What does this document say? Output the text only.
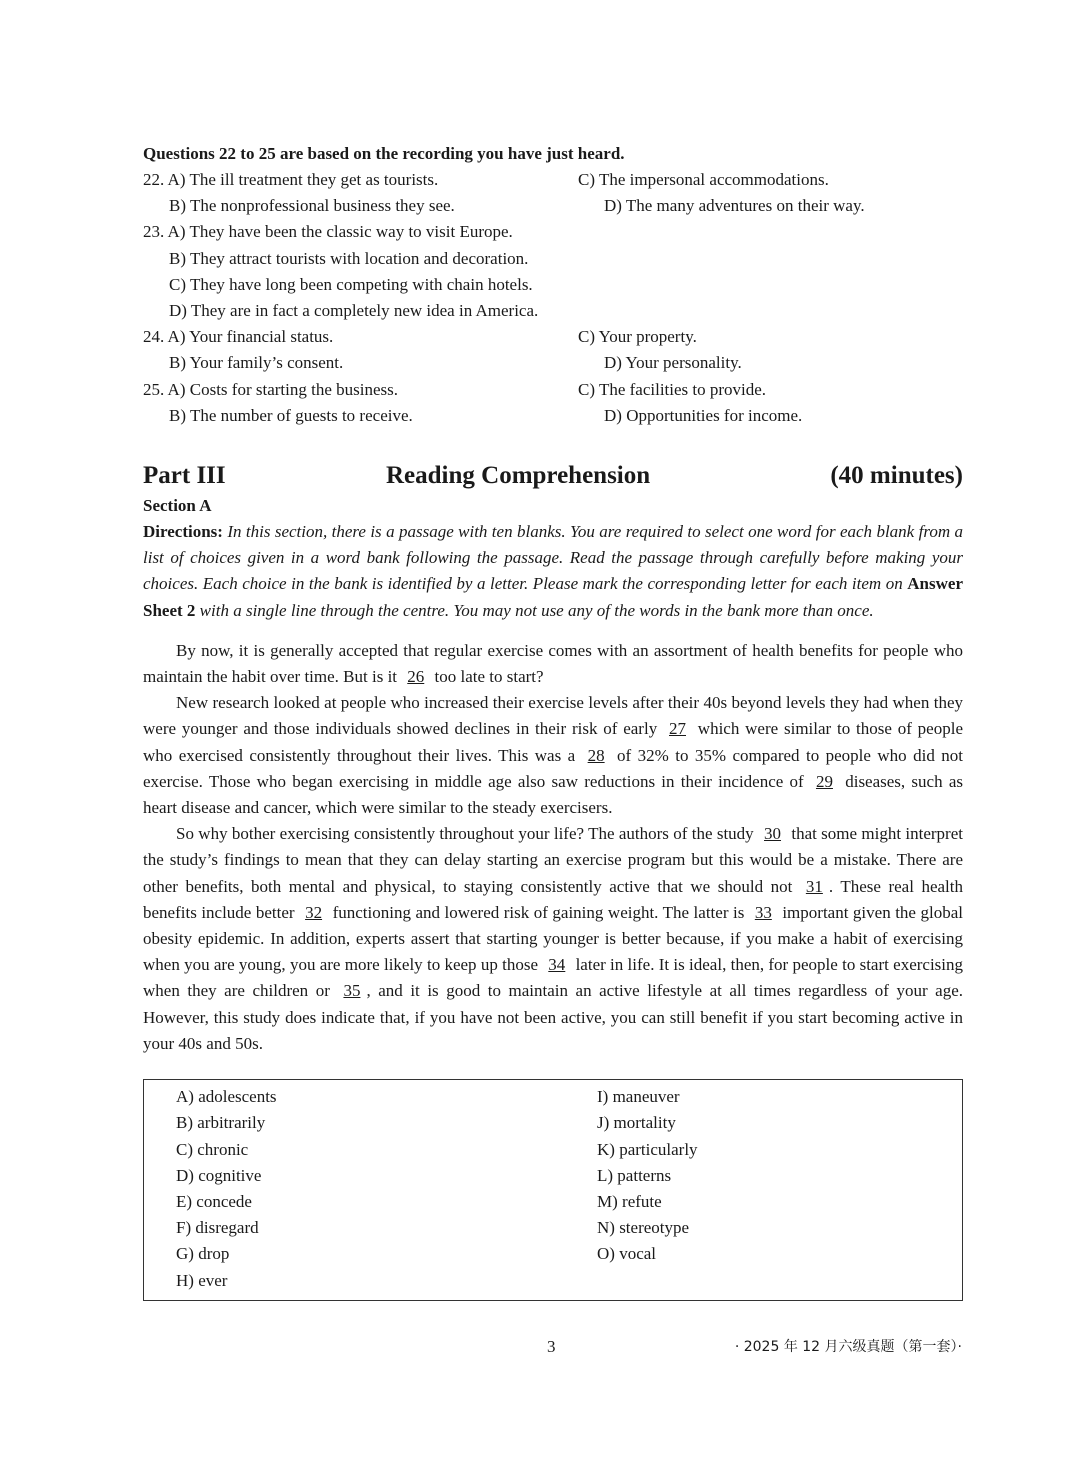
Questions 22 to 25 are based on the recording you have just heard.
22. A) The ill treatment they get as tourists.	C) The impersonal accommodations.
B) The nonprofessional business they see.	D) The many adventures on their way.
23. A) They have been the classic way to visit Europe.
B) They attract tourists with location and decoration.
C) They have long been competing with chain hotels.
D) They are in fact a completely new idea in America.
24. A) Your financial status.	C) Your property.
B) Your family’s consent.	D) Your personality.
25. A) Costs for starting the business.	C) The facilities to provide.
B) The number of guests to receive.	D) Opportunities for income.
Part III	Reading Comprehension	(40 minutes)
Section A

Directions: In this section, there is a passage with ten blanks. You are required to select one word for each blank from a list of choices given in a word bank following the passage. Read the passage through carefully before making your choices. Each choice in the bank is identified by a letter. Please mark the corresponding letter for each item on Answer Sheet 2 with a single line through the centre. You may not use any of the words in the bank more than once.

By now, it is generally accepted that regular exercise comes with an assortment of health benefits for people who maintain the habit over time. But is it 26 too late to start?

New research looked at people who increased their exercise levels after their 40s beyond levels they had when they were younger and those individuals showed declines in their risk of early 27 which were similar to those of people who exercised consistently throughout their lives. This was a 28 of 32% to 35% compared to people who did not exercise. Those who began exercising in middle age also saw reductions in their incidence of 29 diseases, such as heart disease and cancer, which were similar to the steady exercisers.

So why bother exercising consistently throughout your life? The authors of the study 30 that some might interpret the study’s findings to mean that they can delay starting an exercise program but this would be a mistake. There are other benefits, both mental and physical, to staying consistently active that we should not 31 . These real health benefits include better 32 functioning and lowered risk of gaining weight. The latter is 33 important given the global obesity epidemic. In addition, experts assert that starting younger is better because, if you make a habit of exercising when you are young, you are more likely to keep up those 34 later in life. It is ideal, then, for people to start exercising when they are children or 35 , and it is good to maintain an active lifestyle at all times regardless of your age. However, this study does indicate that, if you have not been active, you can still benefit if you start becoming active in your 40s and 50s.

A) adolescents
B) arbitrarily
C) chronic
D) cognitive
E) concede
F) disregard
G) drop
H) ever
I) maneuver
J) mortality
K) particularly
L) patterns
M) refute
N) stereotype
O) vocal
3	· 2025 年 12 月六级真题（第一套）·
